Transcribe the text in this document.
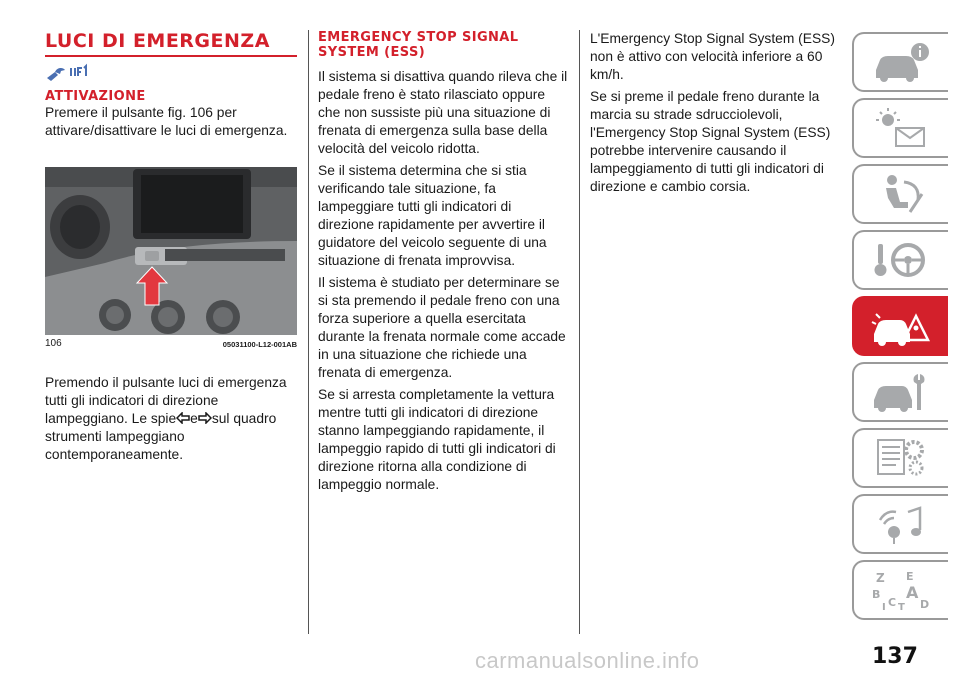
LUCI DI EMERGENZA
ATTIVAZIONE

Premere il pulsante fig. 106 per attivare/disattivare le luci di emergenza.

106	05031100-L12-001AB

Premendo il pulsante luci di emergenza tutti gli indicatori di direzione lampeggiano. Le spie e sul quadro strumenti lampeggiano contemporaneamente.

EMERGENCY STOP SIGNAL SYSTEM (ESS)

Il sistema si disattiva quando rileva che il pedale freno è stato rilasciato oppure che non sussiste più una situazione di frenata di emergenza sulla base della velocità del veicolo ridotta.

Se il sistema determina che si stia verificando tale situazione, fa lampeggiare tutti gli indicatori di direzione rapidamente per avvertire il guidatore del veicolo seguente di una situazione di frenata improvvisa.

Il sistema è studiato per determinare se si sta premendo il pedale freno con una forza superiore a quella esercitata durante la frenata normale come accade in una situazione che richiede una frenata di emergenza.

Se si arresta completamente la vettura mentre tutti gli indicatori di direzione stanno lampeggiando rapidamente, il lampeggio rapido di tutti gli indicatori di direzione ritorna alla condizione di lampeggio normale.

L'Emergency Stop Signal System (ESS) non è attivo con velocità inferiore a 60 km/h.

Se si preme il pedale freno durante la marcia su strade sdrucciolevoli, l'Emergency Stop Signal System (ESS) potrebbe intervenire causando il lampeggiamento di tutti gli indicatori di direzione e cambio corsia.

Z E
B A
C D
T
I
137
carmanualsonline.info
